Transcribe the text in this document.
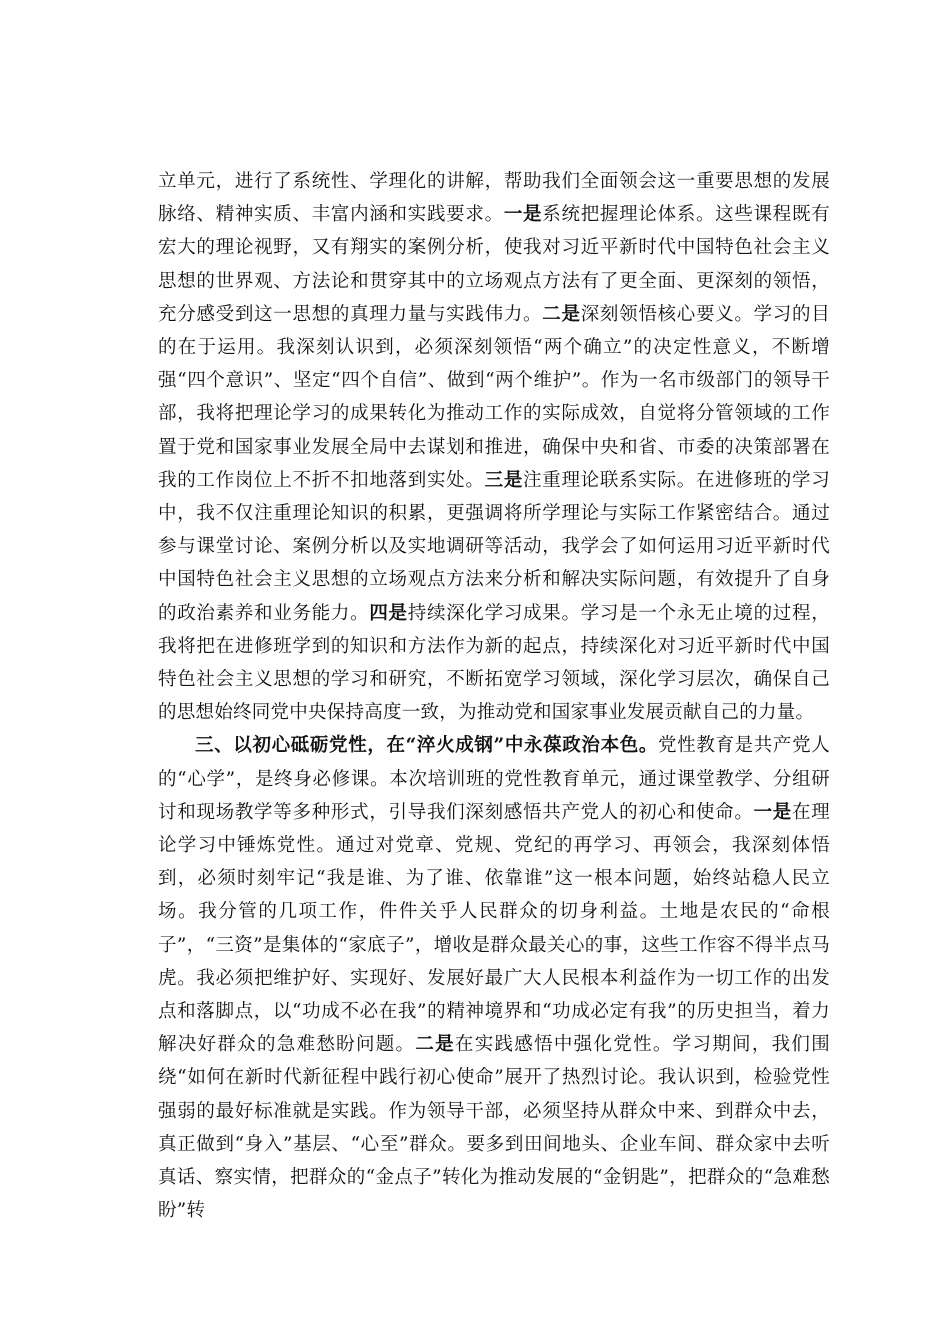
立单元，进行了系统性、学理化的讲解，帮助我们全面领会这一重要思想的发展脉络、精神实质、丰富内涵和实践要求。一是系统把握理论体系。这些课程既有宏大的理论视野，又有翔实的案例分析，使我对习近平新时代中国特色社会主义思想的世界观、方法论和贯穿其中的立场观点方法有了更全面、更深刻的领悟，充分感受到这一思想的真理力量与实践伟力。二是深刻领悟核心要义。学习的目的在于运用。我深刻认识到，必须深刻领悟“两个确立”的决定性意义，不断增强“四个意识”、坚定“四个自信”、做到“两个维护”。作为一名市级部门的领导干部，我将把理论学习的成果转化为推动工作的实际成效，自觉将分管领域的工作置于党和国家事业发展全局中去谋划和推进，确保中央和省、市委的决策部署在我的工作岗位上不折不扣地落到实处。三是注重理论联系实际。在进修班的学习中，我不仅注重理论知识的积累，更强调将所学理论与实际工作紧密结合。通过参与课堂讨论、案例分析以及实地调研等活动，我学会了如何运用习近平新时代中国特色社会主义思想的立场观点方法来分析和解决实际问题，有效提升了自身的政治素养和业务能力。四是持续深化学习成果。学习是一个永无止境的过程，我将把在进修班学到的知识和方法作为新的起点，持续深化对习近平新时代中国特色社会主义思想的学习和研究，不断拓宽学习领域，深化学习层次，确保自己的思想始终同党中央保持高度一致，为推动党和国家事业发展贡献自己的力量。

三、以初心砥砺党性，在“淬火成钢”中永葆政治本色。党性教育是共产党人的“心学”，是终身必修课。本次培训班的党性教育单元，通过课堂教学、分组研讨和现场教学等多种形式，引导我们深刻感悟共产党人的初心和使命。一是在理论学习中锤炼党性。通过对党章、党规、党纪的再学习、再领会，我深刻体悟到，必须时刻牢记“我是谁、为了谁、依靠谁”这一根本问题，始终站稳人民立场。我分管的几项工作，件件关乎人民群众的切身利益。土地是农民的“命根子”，“三资”是集体的“家底子”，增收是群众最关心的事，这些工作容不得半点马虎。我必须把维护好、实现好、发展好最广大人民根本利益作为一切工作的出发点和落脚点，以“功成不必在我”的精神境界和“功成必定有我”的历史担当，着力解决好群众的急难愁盼问题。二是在实践感悟中强化党性。学习期间，我们围绕“如何在新时代新征程中践行初心使命”展开了热烈讨论。我认识到，检验党性强弱的最好标准就是实践。作为领导干部，必须坚持从群众中来、到群众中去，真正做到“身入”基层、“心至”群众。要多到田间地头、企业车间、群众家中去听真话、察实情，把群众的“金点子”转化为推动发展的“金钥匙”，把群众的“急难愁盼”转
